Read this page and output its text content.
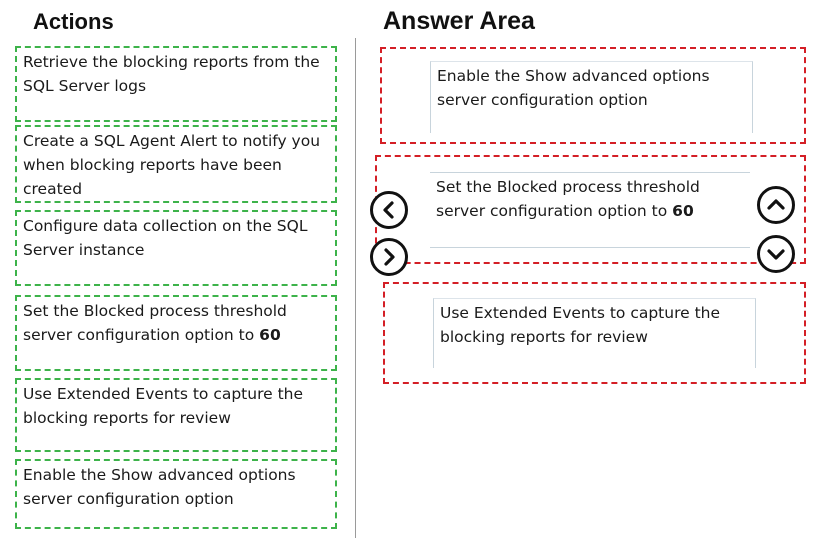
Actions	Answer Area
Retrieve the blocking reports from the SQL Server logs
Create a SQL Agent Alert to notify you when blocking reports have been created
Configure data collection on the SQL Server instance
Set the Blocked process threshold server configuration option to 60
Use Extended Events to capture the blocking reports for review
Enable the Show advanced options server configuration option
Enable the Show advanced options server configuration option
Set the Blocked process threshold server configuration option to 60
Use Extended Events to capture the blocking reports for review
